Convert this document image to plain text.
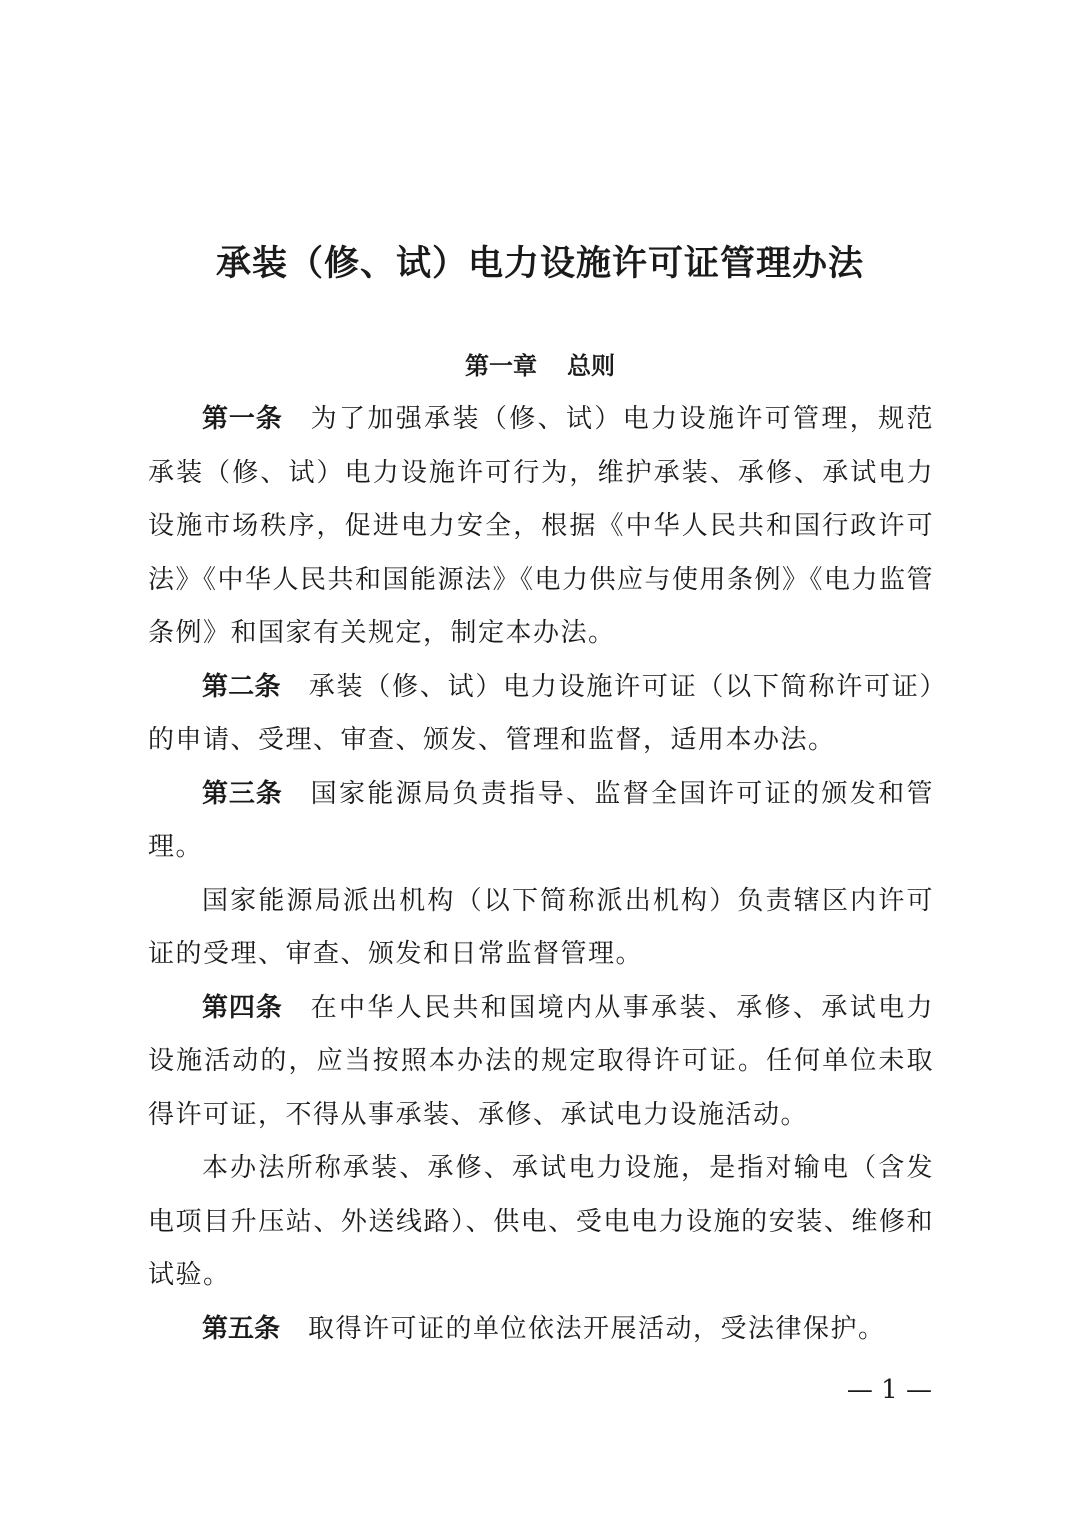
承装（修、试）电力设施许可证管理办法
第一章 总则

第一条 为了加强承装（修、试）电力设施许可管理，规范承装（修、试）电力设施许可行为，维护承装、承修、承试电力设施市场秩序，促进电力安全，根据《中华人民共和国行政许可法》《中华人民共和国能源法》《电力供应与使用条例》《电力监管条例》和国家有关规定，制定本办法。

第二条 承装（修、试）电力设施许可证（以下简称许可证）的申请、受理、审查、颁发、管理和监督，适用本办法。

第三条 国家能源局负责指导、监督全国许可证的颁发和管理。

国家能源局派出机构（以下简称派出机构）负责辖区内许可证的受理、审查、颁发和日常监督管理。

第四条 在中华人民共和国境内从事承装、承修、承试电力设施活动的，应当按照本办法的规定取得许可证。任何单位未取得许可证，不得从事承装、承修、承试电力设施活动。

本办法所称承装、承修、承试电力设施，是指对输电（含发电项目升压站、外送线路）、供电、受电电力设施的安装、维修和试验。

第五条 取得许可证的单位依法开展活动，受法律保护。

— 1 —
